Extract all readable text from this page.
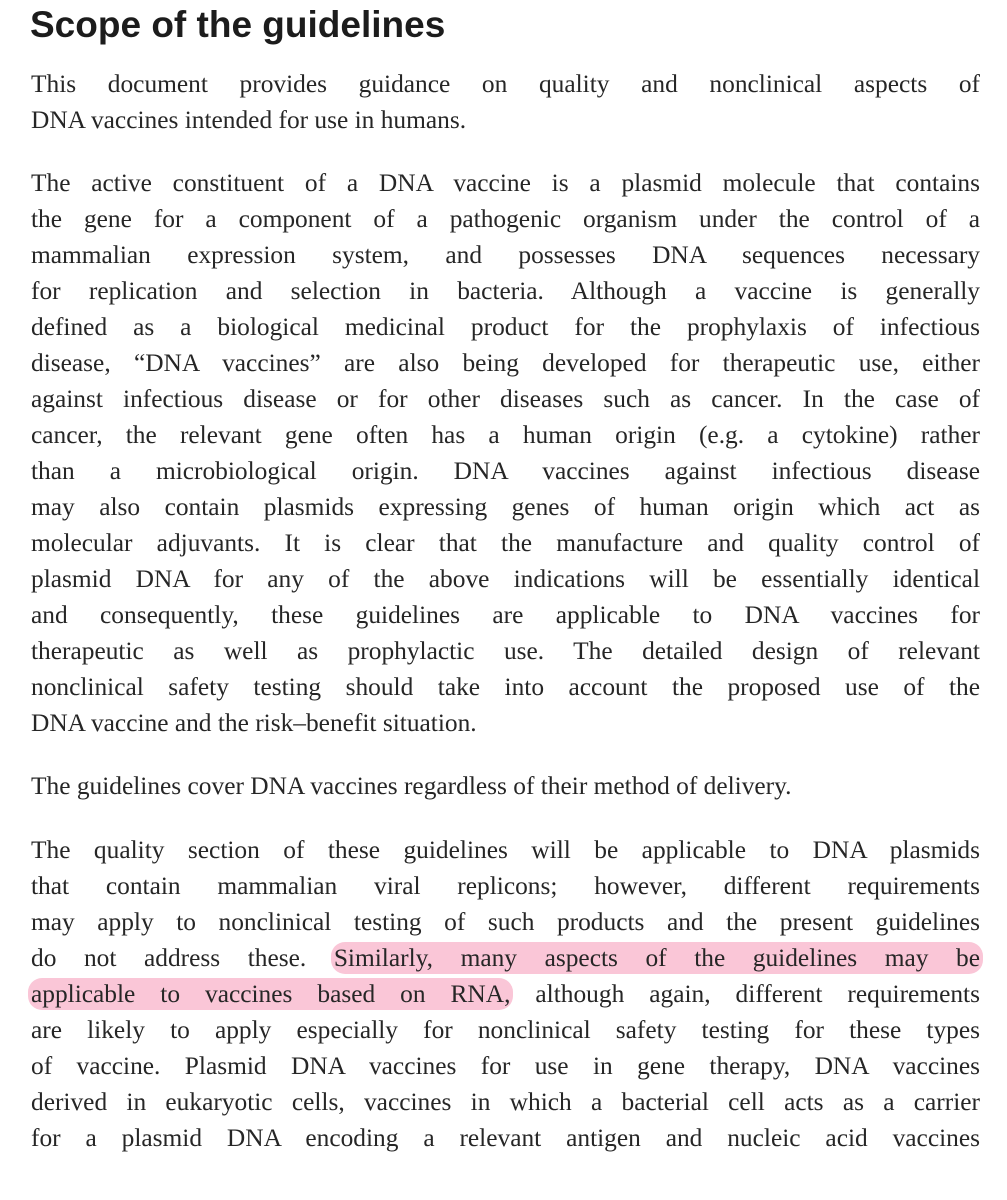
Scope of the guidelines
This document provides guidance on quality and nonclinical aspects of
DNA vaccines intended for use in humans.
The active constituent of a DNA vaccine is a plasmid molecule that contains
the gene for a component of a pathogenic organism under the control of a
mammalian expression system, and possesses DNA sequences necessary
for replication and selection in bacteria. Although a vaccine is generally
defined as a biological medicinal product for the prophylaxis of infectious
disease, “DNA vaccines” are also being developed for therapeutic use, either
against infectious disease or for other diseases such as cancer. In the case of
cancer, the relevant gene often has a human origin (e.g. a cytokine) rather
than a microbiological origin. DNA vaccines against infectious disease
may also contain plasmids expressing genes of human origin which act as
molecular adjuvants. It is clear that the manufacture and quality control of
plasmid DNA for any of the above indications will be essentially identical
and consequently, these guidelines are applicable to DNA vaccines for
therapeutic as well as prophylactic use. The detailed design of relevant
nonclinical safety testing should take into account the proposed use of the
DNA vaccine and the risk–benefit situation.
The guidelines cover DNA vaccines regardless of their method of delivery.
The quality section of these guidelines will be applicable to DNA plasmids
that contain mammalian viral replicons; however, different requirements
may apply to nonclinical testing of such products and the present guidelines
do not address these. Similarly, many aspects of the guidelines may be
applicable to vaccines based on RNA, although again, different requirements
are likely to apply especially for nonclinical safety testing for these types
of vaccine. Plasmid DNA vaccines for use in gene therapy, DNA vaccines
derived in eukaryotic cells, vaccines in which a bacterial cell acts as a carrier
for a plasmid DNA encoding a relevant antigen and nucleic acid vaccines
